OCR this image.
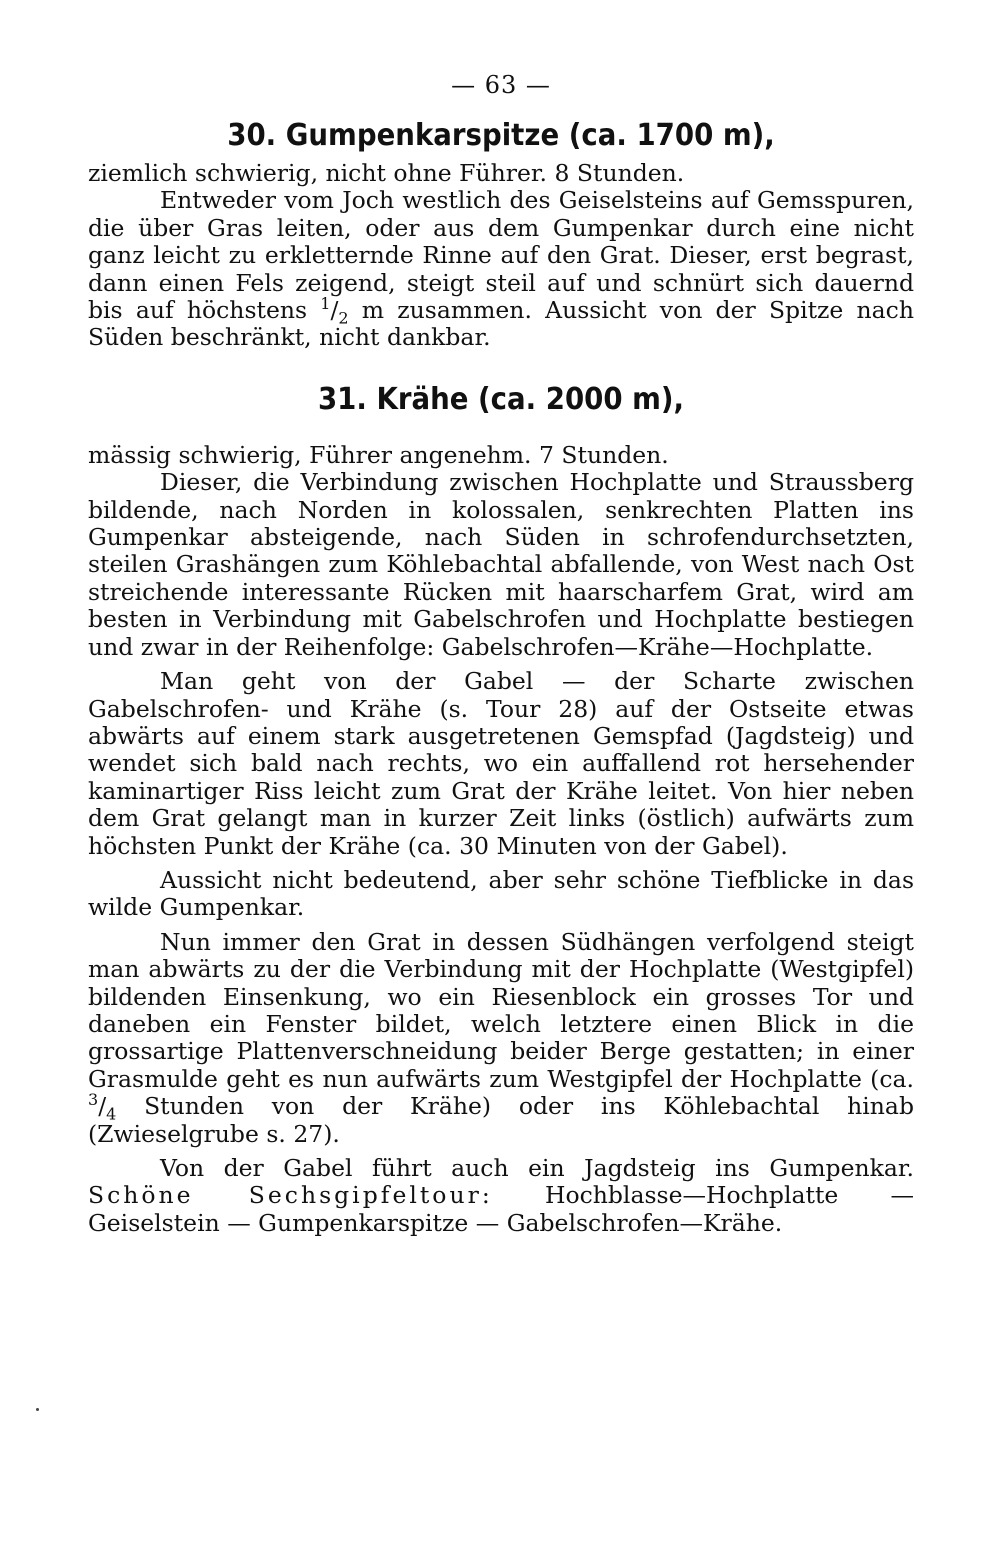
— 63 —
30. Gumpenkarspitze (ca. 1700 m),

ziemlich schwierig, nicht ohne Führer. 8 Stunden.

Entweder vom Joch westlich des Geiselsteins auf Gemsspuren, die über Gras leiten, oder aus dem Gumpenkar durch eine nicht ganz leicht zu erkletternde Rinne auf den Grat. Dieser, erst begrast, dann einen Fels zeigend, steigt steil auf und schnürt sich dauernd bis auf höchstens $^1/_2$ m zusammen. Aussicht von der Spitze nach Süden beschränkt, nicht dankbar.

31. Krähe (ca. 2000 m),

mässig schwierig, Führer angenehm. 7 Stunden.

Dieser, die Verbindung zwischen Hochplatte und Straussberg bildende, nach Norden in kolossalen, senkrechten Platten ins Gumpenkar absteigende, nach Süden in schrofendurchsetzten, steilen Grashängen zum Köhlebachtal abfallende, von West nach Ost streichende interessante Rücken mit haarscharfem Grat, wird am besten in Verbindung mit Gabelschrofen und Hochplatte bestiegen und zwar in der Reihenfolge: Gabelschrofen—Krähe—Hochplatte.

Man geht von der Gabel — der Scharte zwischen Gabelschrofen- und Krähe (s. Tour 28) auf der Ostseite etwas abwärts auf einem stark ausgetretenen Gemspfad (Jagdsteig) und wendet sich bald nach rechts, wo ein auffallend rot hersehender kaminartiger Riss leicht zum Grat der Krähe leitet. Von hier neben dem Grat gelangt man in kurzer Zeit links (östlich) aufwärts zum höchsten Punkt der Krähe (ca. 30 Minuten von der Gabel).

Aussicht nicht bedeutend, aber sehr schöne Tiefblicke in das wilde Gumpenkar.

Nun immer den Grat in dessen Südhängen verfolgend steigt man abwärts zu der die Verbindung mit der Hochplatte (Westgipfel) bildenden Einsenkung, wo ein Riesenblock ein grosses Tor und daneben ein Fenster bildet, welch letztere einen Blick in die grossartige Plattenverschneidung beider Berge gestatten; in einer Grasmulde geht es nun aufwärts zum Westgipfel der Hochplatte (ca. $^3/_4$ Stunden von der Krähe) oder ins Köhlebachtal hinab (Zwieselgrube s. 27).

Von der Gabel führt auch ein Jagdsteig ins Gumpenkar. Schöne Sechsgipfeltour: Hochblasse—Hochplatte — Geiselstein — Gumpenkarspitze — Gabelschrofen—Krähe.
